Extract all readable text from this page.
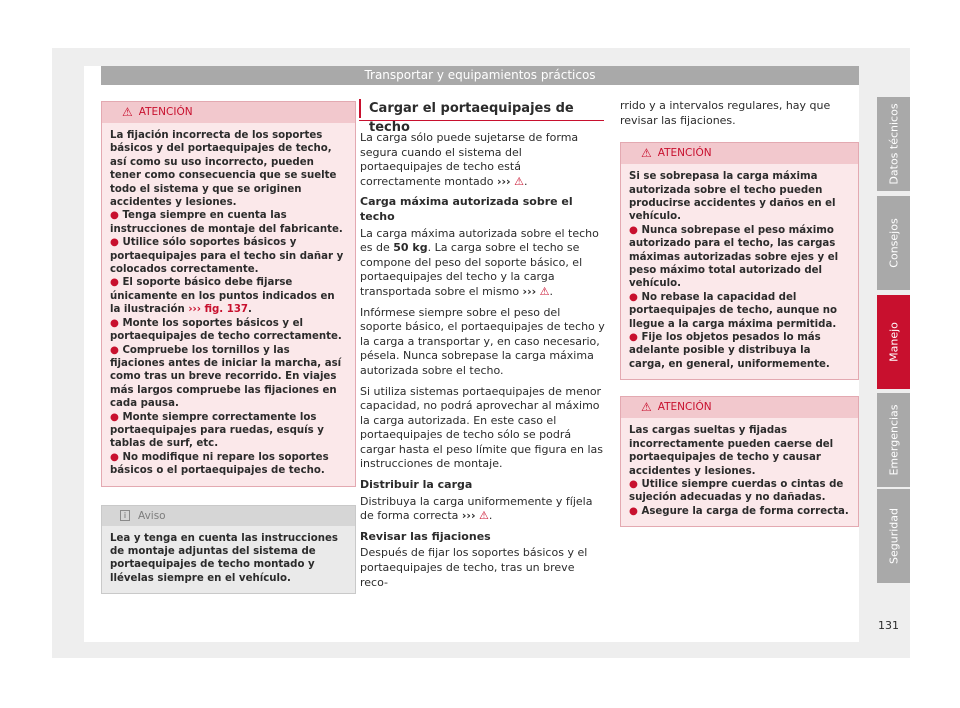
Transportar y equipamientos prácticos
⚠ ATENCIÓN

La fijación incorrecta de los soportes básicos y del portaequipajes de techo, así como su uso incorrecto, pueden tener como consecuencia que se suelte todo el sistema y que se originen accidentes y lesiones.

● Tenga siempre en cuenta las instrucciones de montaje del fabricante.
● Utilice sólo soportes básicos y portaequipajes para el techo sin dañar y colocados correctamente.
● El soporte básico debe fijarse únicamente en los puntos indicados en la ilustración ››› fig. 137.
● Monte los soportes básicos y el portaequipajes de techo correctamente.
● Compruebe los tornillos y las fijaciones antes de iniciar la marcha, así como tras un breve recorrido. En viajes más largos compruebe las fijaciones en cada pausa.
● Monte siempre correctamente los portaequipajes para ruedas, esquís y tablas de surf, etc.
● No modifique ni repare los soportes básicos o el portaequipajes de techo.
i	Aviso
Lea y tenga en cuenta las instrucciones de montaje adjuntas del sistema de portaequipajes de techo montado y llévelas siempre en el vehículo.
Cargar el portaequipajes de techo

La carga sólo puede sujetarse de forma segura cuando el sistema del portaequipajes de techo está correctamente montado ››› ⚠.

Carga máxima autorizada sobre el techo

La carga máxima autorizada sobre el techo es de 50 kg. La carga sobre el techo se compone del peso del soporte básico, el portaequipajes del techo y la carga transportada sobre el mismo ››› ⚠.

Infórmese siempre sobre el peso del soporte básico, el portaequipajes de techo y la carga a transportar y, en caso necesario, pésela. Nunca sobrepase la carga máxima autorizada sobre el techo.

Si utiliza sistemas portaequipajes de menor capacidad, no podrá aprovechar al máximo la carga autorizada. En este caso el portaequipajes de techo sólo se podrá cargar hasta el peso límite que figura en las instrucciones de montaje.

Distribuir la carga

Distribuya la carga uniformemente y fíjela de forma correcta ››› ⚠.

Revisar las fijaciones

Después de fijar los soportes básicos y el portaequipajes de techo, tras un breve reco-

rrido y a intervalos regulares, hay que revisar las fijaciones.
⚠ ATENCIÓN

Si se sobrepasa la carga máxima autorizada sobre el techo pueden producirse accidentes y daños en el vehículo.

● Nunca sobrepase el peso máximo autorizado para el techo, las cargas máximas autorizadas sobre ejes y el peso máximo total autorizado del vehículo.
● No rebase la capacidad del portaequipajes de techo, aunque no llegue a la carga máxima permitida.
● Fije los objetos pesados lo más adelante posible y distribuya la carga, en general, uniformemente.
⚠ ATENCIÓN

Las cargas sueltas y fijadas incorrectamente pueden caerse del portaequipajes de techo y causar accidentes y lesiones.

● Utilice siempre cuerdas o cintas de sujeción adecuadas y no dañadas.
● Asegure la carga de forma correcta.
Datos técnicos
Consejos
Manejo
Emergencias
Seguridad
131
